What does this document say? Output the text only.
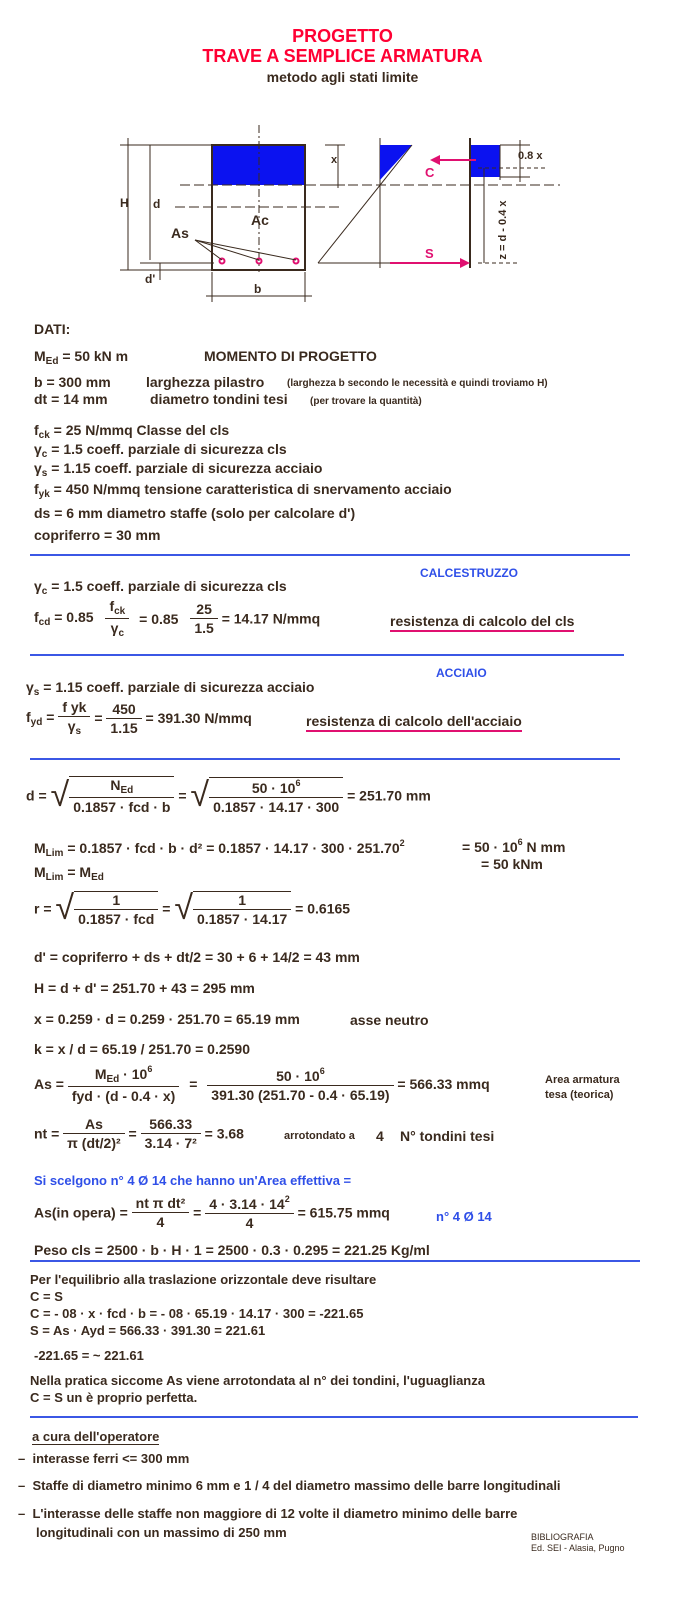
PROGETTO
TRAVE A SEMPLICE ARMATURA
metodo agli stati limite
H d
d'
b
As
Ac
x
C
S
0.8 x
z = d - 0.4 x
DATI:
$M_{Ed} = 50$ kN m	MOMENTO DI PROGETTO
b = 300 mm	larghezza pilastro (larghezza b secondo le necessità e quindi troviamo H)
dt = 14 mm	diametro tondini tesi (per trovare la quantità)
$f_{ck} = 25$ N/mmq Classe del cls
$\gamma_c = 1.5$ coeff. parziale di sicurezza cls
$\gamma_s = 1.15$ coeff. parziale di sicurezza acciaio
$f_{yk} = 450$ N/mmq tensione caratteristica di snervamento acciaio
ds = 6 mm diametro staffe (solo per calcolare d')
copriferro = 30 mm
CALCESTRUZZO
$\gamma_c = 1.5$ coeff. parziale di sicurezza cls
$f_{cd} = 0.85 \frac{f_{ck}}{\gamma_c} = 0.85 \frac{25}{1.5} = 14.17$ N/mmq	resistenza di calcolo del cls
ACCIAIO
$\gamma_s = 1.15$ coeff. parziale di sicurezza acciaio
$f_{yd} = \frac{\text{f yk}}{\gamma_s} = \frac{450}{1.15} = 391.30$ N/mmq	resistenza di calcolo dell'acciaio
d = √ $\frac{N_{Ed}}{\text{0.1857 · fcd · b}}$ = √ $\frac{50 \cdot 10^6}{0.1857 \cdot 14.17 \cdot 300} = 251.70$ mm
$M_{Lim} = 0.1857$ · fcd · $b \cdot d^2 = 0.1857 \cdot 14.17 \cdot 300 \cdot 251.70^2$	= $50 \cdot 10^6$ N mm
= 50 kNm
$M_{Lim} = M_{Ed}$
r = √ $\frac{1}{\text{0.1857 · fcd}}$ = √ $\frac{1}{0.1857 \cdot 14.17} = 0.6165$
d' = copriferro + ds + dt/2 = 30 + 6 + 14/2 = 43 mm
H = d + d' = 251.70 + 43 = 295 mm
x = 0.259 · d = 0.259 · 251.70 = 65.19 mm	asse neutro
k = x / d = 65.19 / 251.70 = 0.2590
$As = \frac{M_{Ed} \cdot 10^6}{\text{fyd · (d - 0.4 · x)}} = \frac{50 \cdot 10^6}{391.30 (251.70 - 0.4 \cdot 65.19)} = 566.33$ mmq	Area armatura
tesa (teorica)
nt = $\frac{As}{\text{π (dt/2)²}} = \frac{566.33}{\text{3.14 · 7²}} = 3.68$	arrotondato a 4 N° tondini tesi
Si scelgono n° 4 Ø 14 che hanno un'Area effettiva =
As(in opera) = $\frac{\text{nt π dt²}}{4} = \frac{4 \cdot 3.14 \cdot 14^2}{4} = 615.75$ mmq	n° 4 Ø 14
Peso cls = 2500 · b · H · 1 = 2500 · 0.3 · 0.295 = 221.25 Kg/ml
Per l'equilibrio alla traslazione orizzontale deve risultare
C = S
C = - 08 · x · fcd · b = - 08 · 65.19 · 14.17 · 300 = -221.65
S = As · Ayd = 566.33 · 391.30 = 221.61
-221.65 = ~ 221.61
Nella pratica siccome As viene arrotondata al n° dei tondini, l'uguaglianza
C = S un è proprio perfetta.
a cura dell'operatore
– interasse ferri <= 300 mm
– Staffe di diametro minimo 6 mm e 1 / 4 del diametro massimo delle barre longitudinali
– L'interasse delle staffe non maggiore di 12 volte il diametro minimo delle barre
longitudinali con un massimo di 250 mm	BIBLIOGRAFIA
Ed. SEI - Alasia, Pugno
